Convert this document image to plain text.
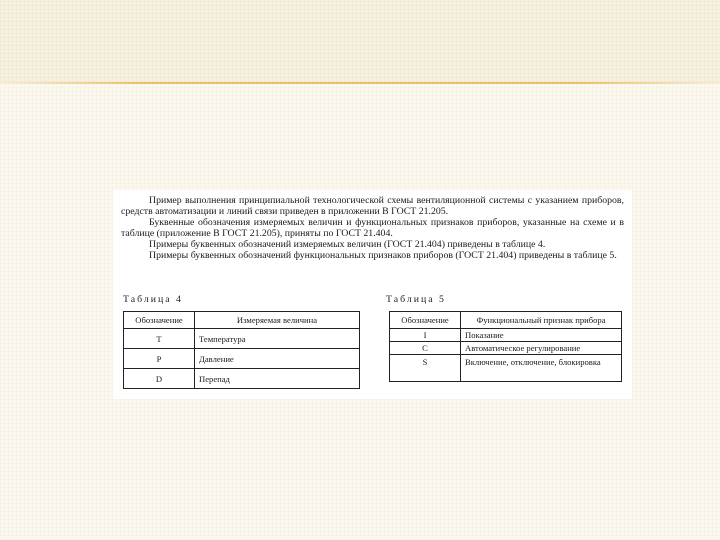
Пример выполнения принципиальной технологической схемы вентиляционной системы с указанием приборов, средств автоматизации и линий связи приведен в приложении В ГОСТ 21.205.
Буквенные обозначения измеряемых величин и функциональных признаков приборов, указанные на схеме и в таблице (приложение В ГОСТ 21.205), приняты по ГОСТ 21.404.
Примеры буквенных обозначений измеряемых величин (ГОСТ 21.404) приведены в таблице 4.
Примеры буквенных обозначений функциональных признаков приборов (ГОСТ 21.404) приведены в таблице 5.
Таблица 4	Таблица 5
Обозначение	Измеряемая величина
T	Температура
P	Давление
D	Перепад
Обозначение	Функциональный признак прибора
I	Показание
C	Автоматическое регулирование
S	Включение, отключение, блокировка
